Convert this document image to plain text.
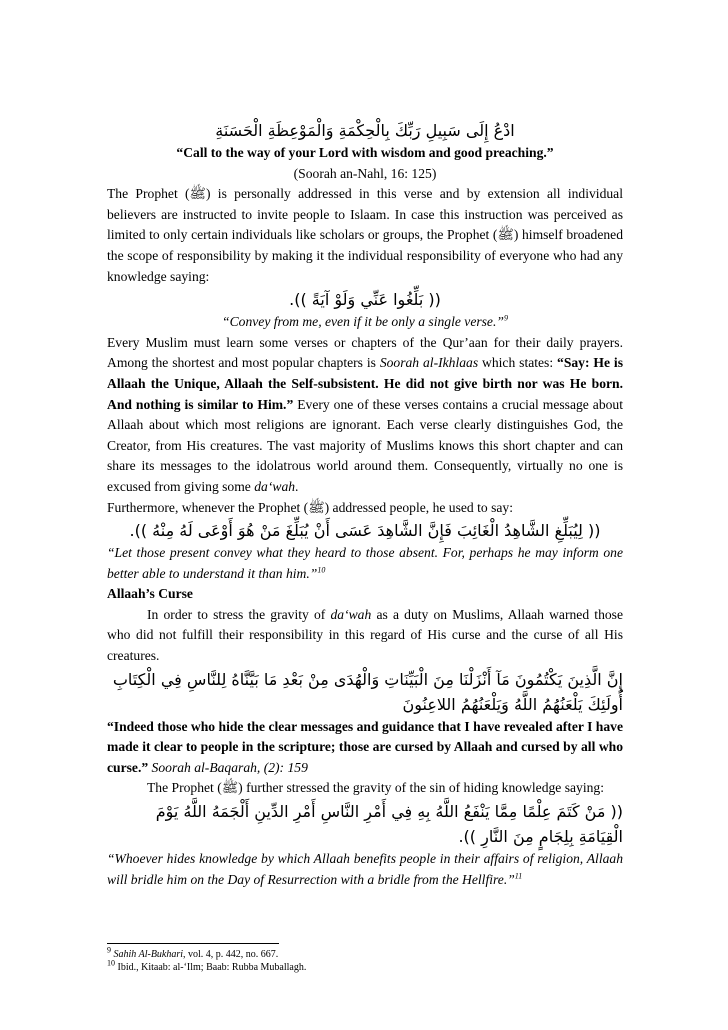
ادْعُ إِلَى سَبِيلِ رَبِّكَ بِالْحِكْمَةِ وَالْمَوْعِظَةِ الْحَسَنَةِ
“Call to the way of your Lord with wisdom and good preaching.”
(Soorah an-Nahl, 16: 125)
The Prophet (ﷺ) is personally addressed in this verse and by extension all individual believers are instructed to invite people to Islaam. In case this instruction was perceived as limited to only certain individuals like scholars or groups, the Prophet (ﷺ) himself broadened the scope of responsibility by making it the individual responsibility of everyone who had any knowledge saying:
(( بَلِّغُوا عَنِّي وَلَوْ آيَةً )).
“Convey from me, even if it be only a single verse.”$^9$
Every Muslim must learn some verses or chapters of the Qur’aan for their daily prayers. Among the shortest and most popular chapters is Soorah al-Ikhlaas which states: “Say: He is Allaah the Unique, Allaah the Self-subsistent. He did not give birth nor was He born. And nothing is similar to Him.” Every one of these verses contains a crucial message about Allaah about which most religions are ignorant. Each verse clearly distinguishes God, the Creator, from His creatures. The vast majority of Muslims knows this short chapter and can share its messages to the idolatrous world around them. Consequently, virtually no one is excused from giving some da‘wah.
Furthermore, whenever the Prophet (ﷺ) addressed people, he used to say:
(( لِيُبَلِّغِ الشَّاهِدُ الْغَائِبَ فَإِنَّ الشَّاهِدَ عَسَى أَنْ يُبَلِّغَ مَنْ هُوَ أَوْعَى لَهُ مِنْهُ )).
“Let those present convey what they heard to those absent. For, perhaps he may inform one better able to understand it than him.”$^{10}$
Allaah’s Curse
In order to stress the gravity of da‘wah as a duty on Muslims, Allaah warned those who did not fulfill their responsibility in this regard of His curse and the curse of all His creatures.
إِنَّ الَّذِينَ يَكْتُمُونَ مَآ أَنْزَلْنَا مِنَ الْبَيِّنَاتِ وَالْهُدَى مِنْ بَعْدِ مَا بَيَّنَّاهُ لِلنَّاسِ فِي الْكِتَابِ أُولَئِكَ يَلْعَنُهُمُ اللَّهُ وَيَلْعَنُهُمُ اللاعِنُونَ
“Indeed those who hide the clear messages and guidance that I have revealed after I have made it clear to people in the scripture; those are cursed by Allaah and cursed by all who curse.” Soorah al-Baqarah, (2): 159
The Prophet (ﷺ) further stressed the gravity of the sin of hiding knowledge saying:
(( مَنْ كَتَمَ عِلْمًا مِمَّا يَنْفَعُ اللَّهُ بِهِ فِي أَمْرِ النَّاسِ أَمْرِ الدِّينِ أَلْجَمَهُ اللَّهُ يَوْمَ الْقِيَامَةِ بِلِجَامٍ مِنَ النَّارِ )).
“Whoever hides knowledge by which Allaah benefits people in their affairs of religion, Allaah will bridle him on the Day of Resurrection with a bridle from the Hellfire.”$^{11}$
$^9$ Sahih Al-Bukhari, vol. 4, p. 442, no. 667.
$^{10}$ Ibid., Kitaab: al-‘Ilm; Baab: Rubba Muballagh.
